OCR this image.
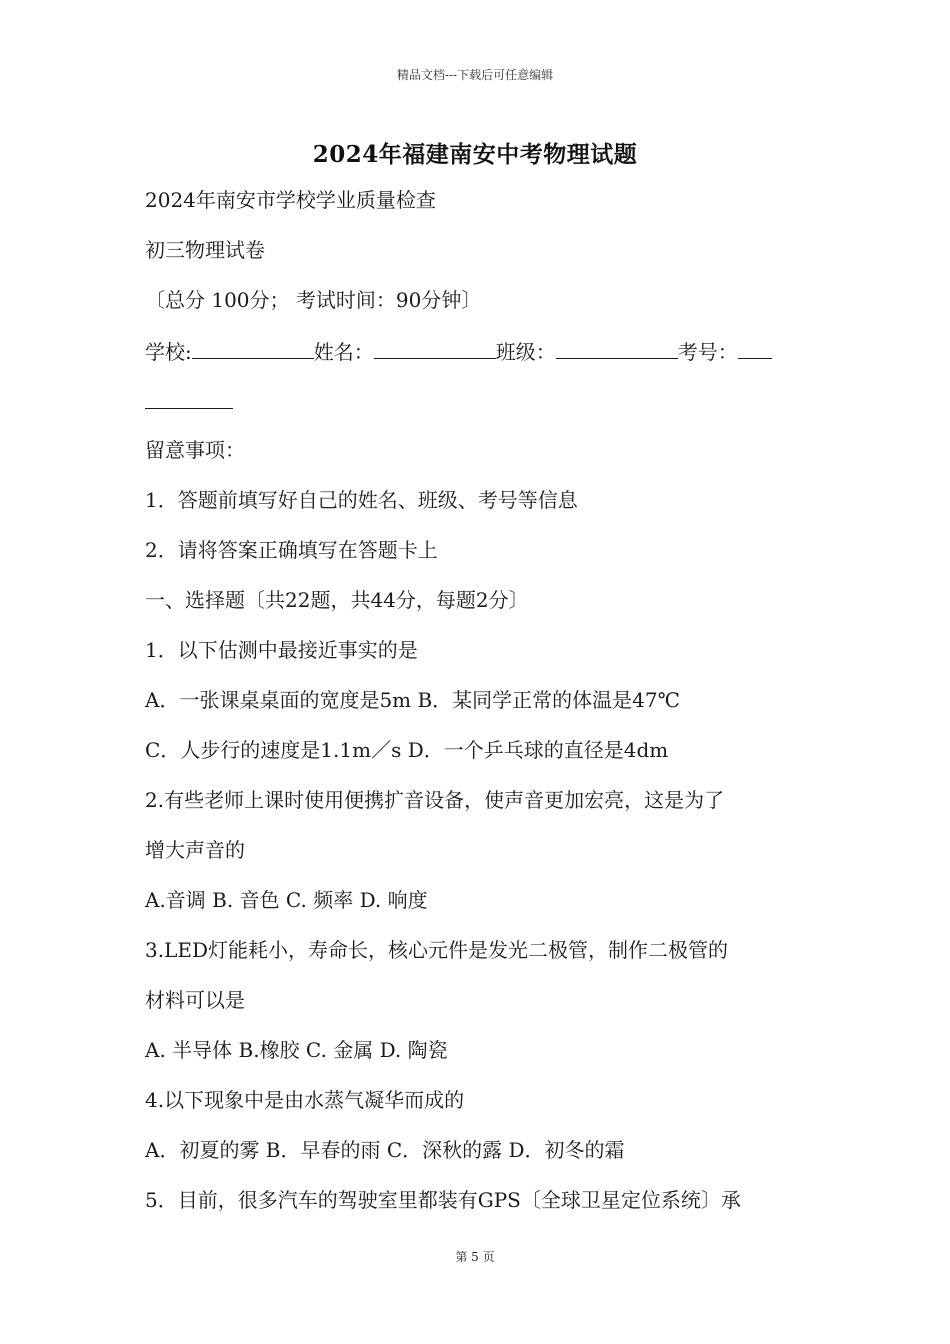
精品文档---下载后可任意编辑
2024年福建南安中考物理试题
2024年南安市学校学业质量检查
初三物理试卷
〔总分 100分； 考试时间：90分钟〕
学校:	姓名：	班级：	考号：
留意事项：
1．答题前填写好自己的姓名、班级、考号等信息
2．请将答案正确填写在答题卡上
一、选择题〔共22题，共44分，每题2分〕
1．以下估测中最接近事实的是
A．一张课桌桌面的宽度是5m B．某同学正常的体温是47℃
C．人步行的速度是1.1m／s D．一个乒乓球的直径是4dm
2.有些老师上课时使用便携扩音设备，使声音更加宏亮，这是为了
增大声音的
A.音调 B. 音色 C. 频率 D. 响度
3.LED灯能耗小，寿命长，核心元件是发光二极管，制作二极管的
材料可以是
A. 半导体 B.橡胶 C. 金属 D. 陶瓷
4.以下现象中是由水蒸气凝华而成的
A．初夏的雾 B．早春的雨 C．深秋的露 D．初冬的霜
5．目前，很多汽车的驾驶室里都装有GPS〔全球卫星定位系统〕承
第 5 页
